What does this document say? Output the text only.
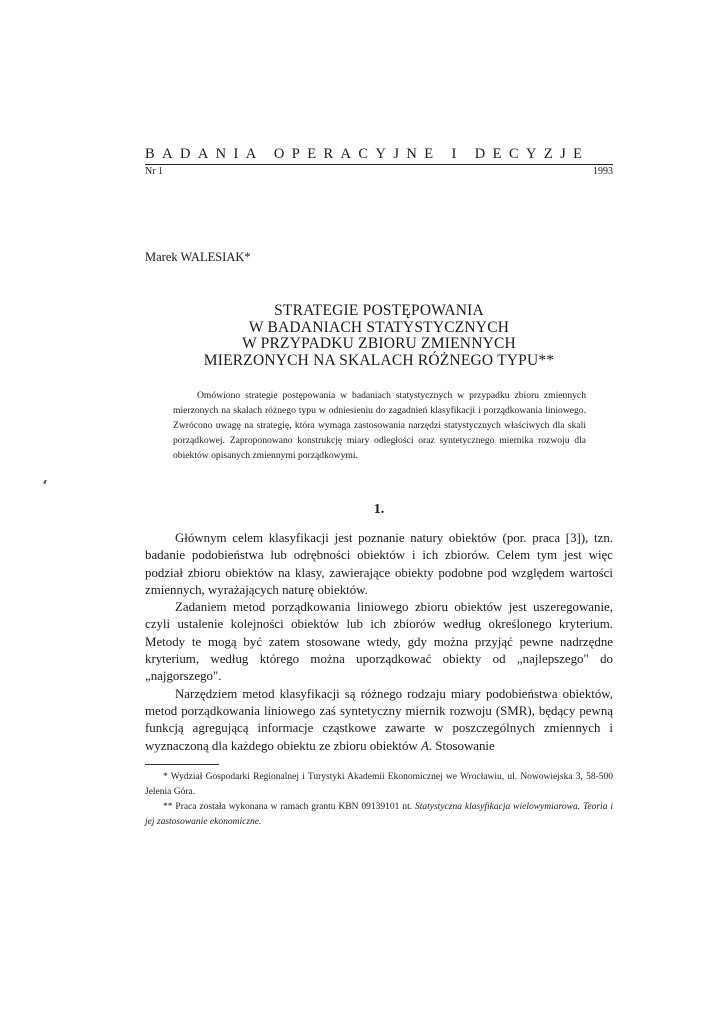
BADANIA OPERACYJNE I DECYZJE
Nr 1	1993
Marek WALESIAK*
STRATEGIE POSTĘPOWANIA
W BADANIACH STATYSTYCZNYCH
W PRZYPADKU ZBIORU ZMIENNYCH
MIERZONYCH NA SKALACH RÓŻNEGO TYPU**

Omówiono strategie postępowania w badaniach statystycznych w przypadku zbioru zmiennych mierzonych na skalach różnego typu w odniesieniu do zagadnień klasyfikacji i porządkowania liniowego. Zwrócono uwagę na strategię, która wymaga zastosowania narzędzi statystycznych właściwych dla skali porządkowej. Zaproponowano konstrukcję miary odległości oraz syntetycznego miernika rozwoju dla obiektów opisanych zmiennymi porządkowymi.

1.

Głównym celem klasyfikacji jest poznanie natury obiektów (por. praca [3]), tzn. badanie podobieństwa lub odrębności obiektów i ich zbiorów. Celem tym jest więc podział zbioru obiektów na klasy, zawierające obiekty podobne pod względem wartości zmiennych, wyrażających naturę obiektów.

Zadaniem metod porządkowania liniowego zbioru obiektów jest uszeregowanie, czyli ustalenie kolejności obiektów lub ich zbiorów według określonego kryterium. Metody te mogą być zatem stosowane wtedy, gdy można przyjąć pewne nadrzędne kryterium, według którego można uporządkować obiekty od „najlepszego" do „najgorszego".

Narzędziem metod klasyfikacji są różnego rodzaju miary podobieństwa obiektów, metod porządkowania liniowego zaś syntetyczny miernik rozwoju (SMR), będący pewną funkcją agregującą informacje cząstkowe zawarte w poszczególnych zmiennych i wyznaczoną dla każdego obiektu ze zbioru obiektów A. Stosowanie

* Wydział Gospodarki Regionalnej i Turystyki Akademii Ekonomicznej we Wrocławiu, ul. Nowowiejska 3, 58-500 Jelenia Góra.

** Praca została wykonana w ramach grantu KBN 09139101 nt. Statystyczna klasyfikacja wielowymiarowa. Teoria i jej zastosowanie ekonomiczne.
